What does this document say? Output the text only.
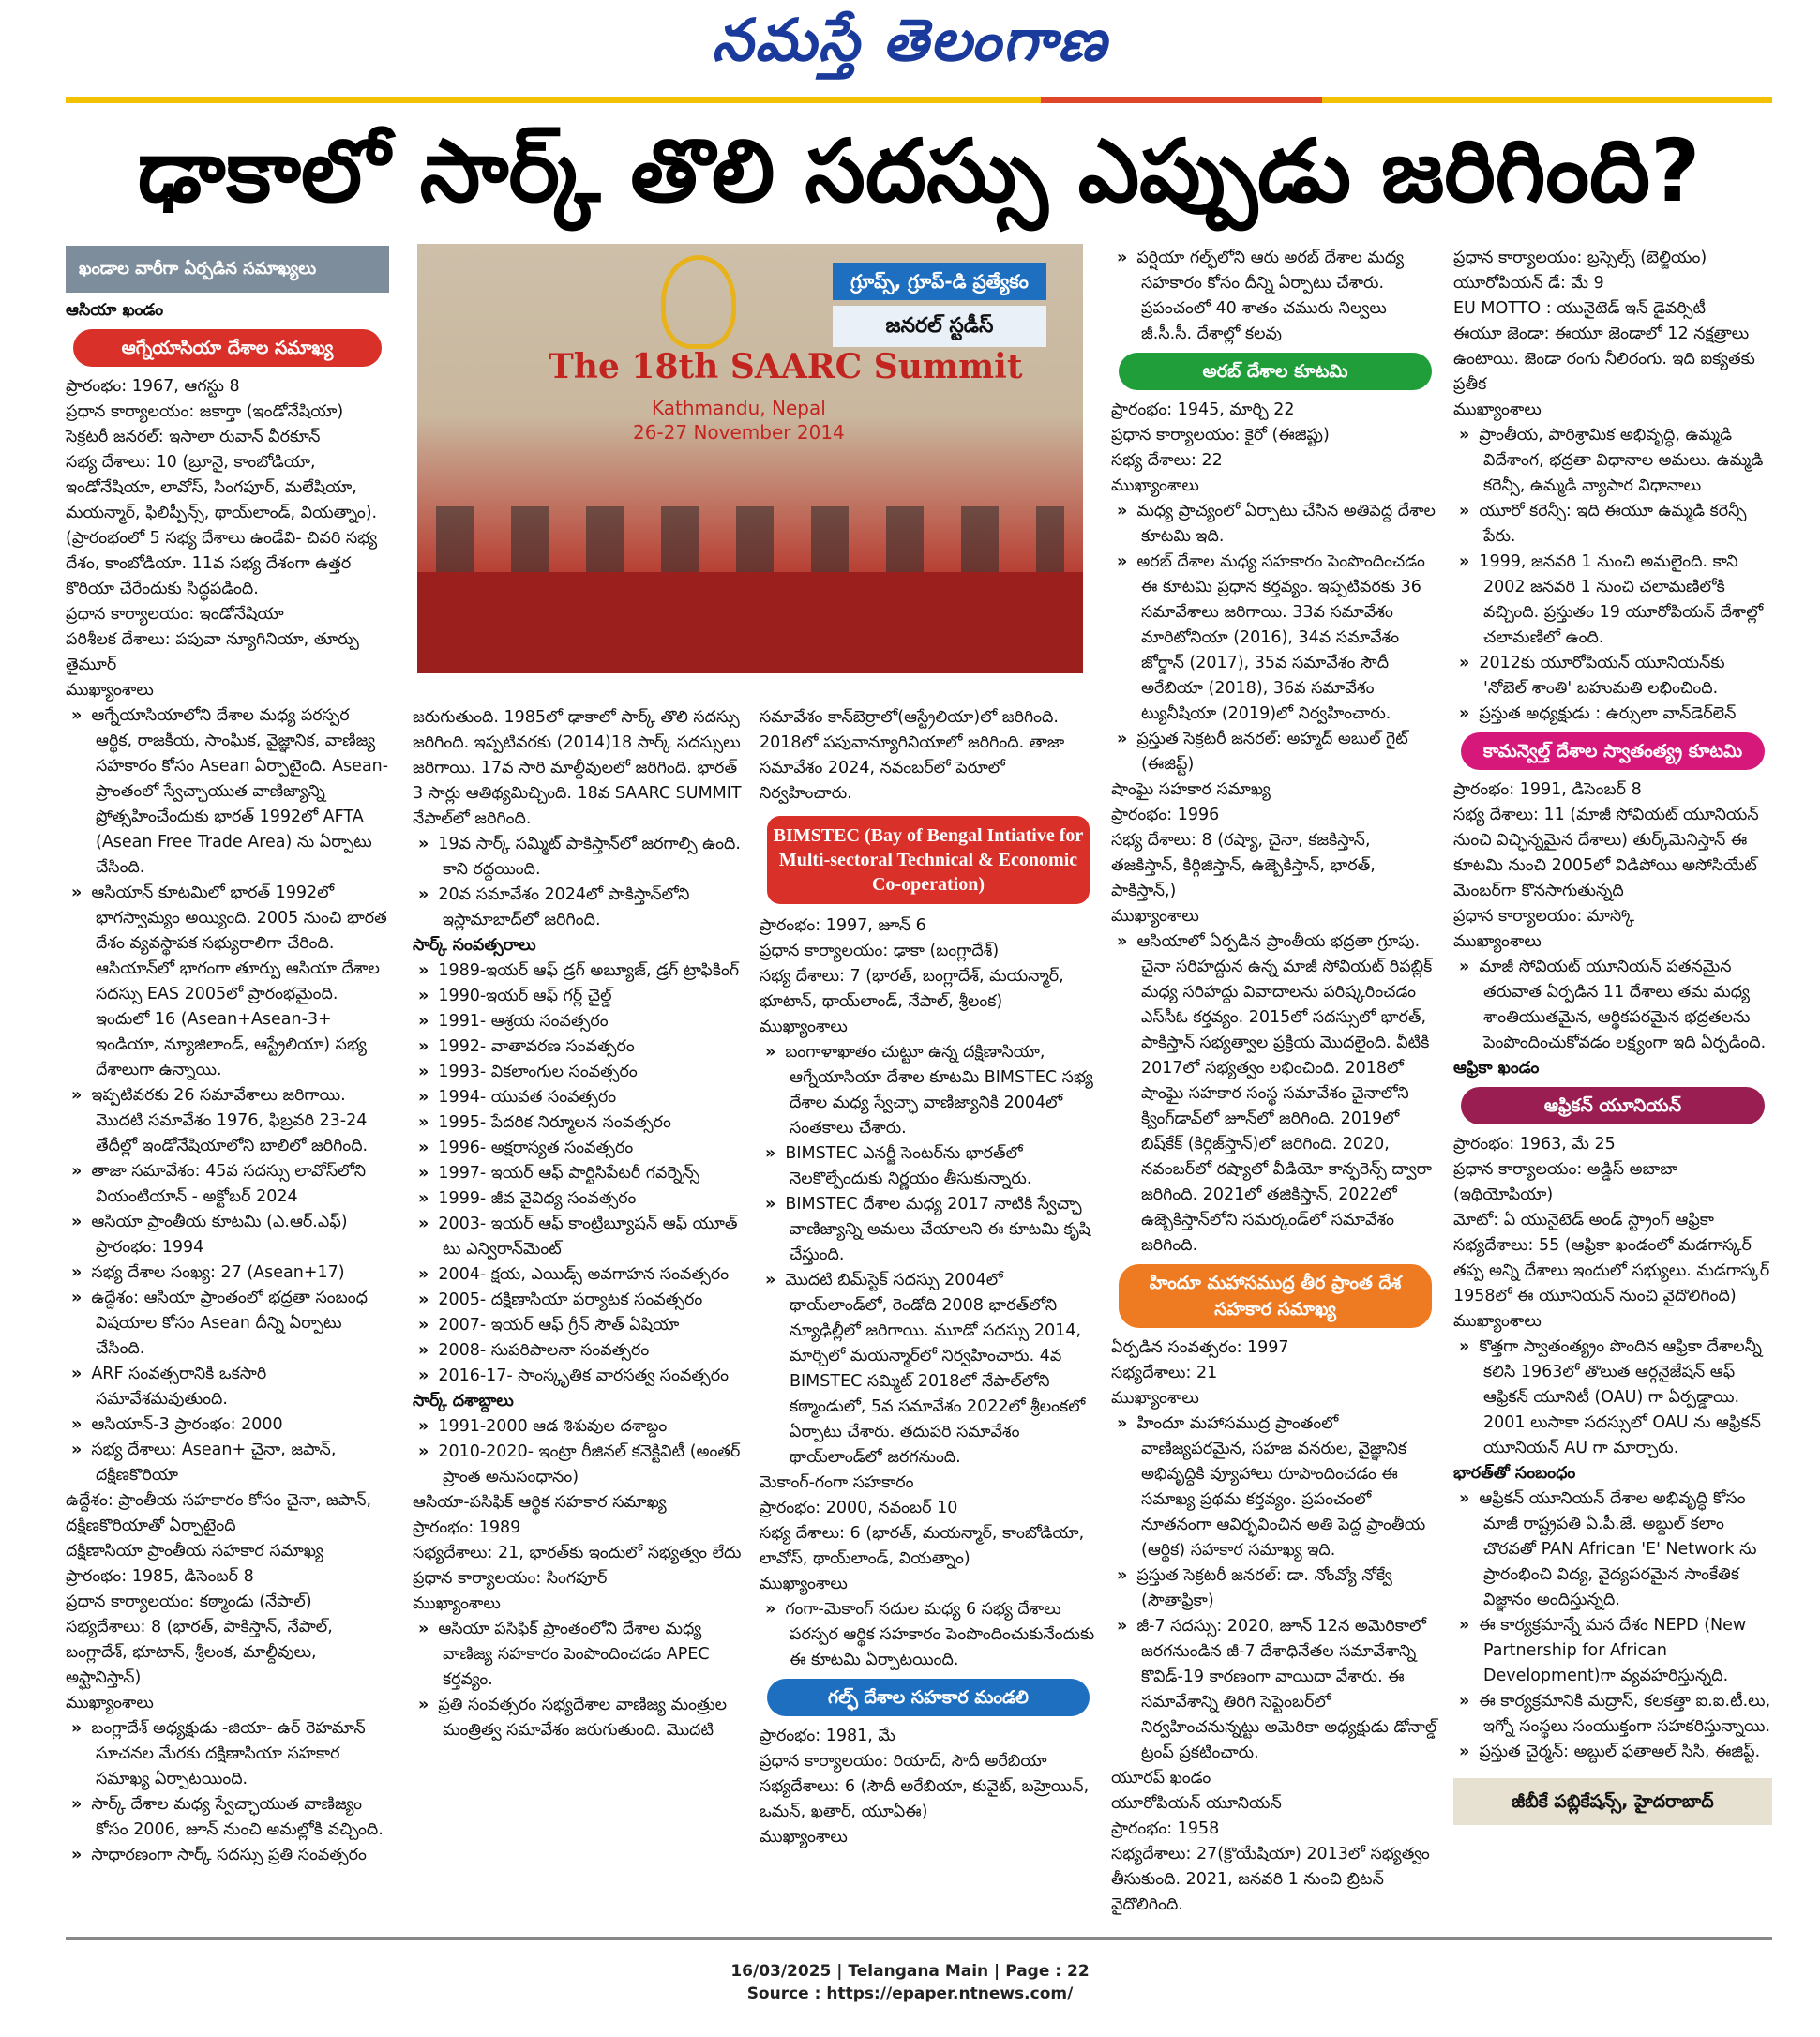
నమస్తే తెలంగాణ
ఢాకాలో సార్క్‌ తొలి సదస్సు ఎప్పుడు జరిగింది?
ఖండాల వారీగా ఏర్పడిన సమాఖ్యలు

ఆసియా ఖండం

ఆగ్నేయాసియా దేశాల సమాఖ్య

ప్రారంభం: 1967, ఆగస్టు 8

ప్రధాన కార్యాలయం: జకార్తా (ఇండోనేషియా)

సెక్రటరీ జనరల్‌: ఇసాలా రువాన్‌ వీరకూన్‌

సభ్య దేశాలు: 10 (బ్రూనై, కాంబోడియా, ఇండోనేషియా, లావోస్‌, సింగపూర్‌, మలేషియా, మయన్మార్‌, ఫిలిప్పీన్స్‌, థాయ్‌లాండ్‌, వియత్నాం). (ప్రారంభంలో 5 సభ్య దేశాలు ఉండేవి- చివరి సభ్య దేశం, కాంబోడియా. 11వ సభ్య దేశంగా ఉత్తర కొరియా చేరేందుకు సిద్ధపడింది.

ప్రధాన కార్యాలయం: ఇండోనేషియా

పరిశీలక దేశాలు: పపువా న్యూగినియా, తూర్పు తైమూర్‌

ముఖ్యాంశాలు

» ఆగ్నేయాసియాలోని దేశాల మధ్య పరస్పర ఆర్థిక, రాజకీయ, సాంఘిక, వైజ్ఞానిక, వాణిజ్య సహకారం కోసం Asean ఏర్పాటైంది. Asean- ప్రాంతంలో స్వేచ్ఛాయుత వాణిజ్యాన్ని ప్రోత్సహించేందుకు భారత్‌ 1992లో AFTA (Asean Free Trade Area) ను ఏర్పాటు చేసింది.

» ఆసియాన్‌ కూటమిలో భారత్‌ 1992లో భాగస్వామ్యం అయ్యింది. 2005 నుంచి భారత దేశం వ్యవస్థాపక సభ్యురాలిగా చేరింది. ఆసియాన్‌లో భాగంగా తూర్పు ఆసియా దేశాల సదస్సు EAS 2005లో ప్రారంభమైంది. ఇందులో 16 (Asean+Asean-3+ ఇండియా, న్యూజిలాండ్‌, ఆస్ట్రేలియా) సభ్య దేశాలుగా ఉన్నాయి.

» ఇప్పటివరకు 26 సమావేశాలు జరిగాయి. మొదటి సమావేశం 1976, ఫిబ్రవరి 23-24 తేదీల్లో ఇండోనేషియాలోని బాలిలో జరిగింది.

» తాజా సమావేశం: 45వ సదస్సు లావోస్‌లోని వియంటియాన్‌ - అక్టోబర్‌ 2024

» ఆసియా ప్రాంతీయ కూటమి (ఎ.ఆర్‌.ఎఫ్‌) ప్రారంభం: 1994

» సభ్య దేశాల సంఖ్య: 27 (Asean+17)

» ఉద్దేశం: ఆసియా ప్రాంతంలో భద్రతా సంబంధ విషయాల కోసం Asean దీన్ని ఏర్పాటు చేసింది.

» ARF సంవత్సరానికి ఒకసారి సమావేశమవుతుంది.

» ఆసియాన్‌-3 ప్రారంభం: 2000

» సభ్య దేశాలు: Asean+ చైనా, జపాన్‌, దక్షిణకొరియా

ఉద్దేశం: ప్రాంతీయ సహకారం కోసం చైనా, జపాన్‌, దక్షిణకొరియాతో ఏర్పాటైంది

దక్షిణాసియా ప్రాంతీయ సహకార సమాఖ్య

ప్రారంభం: 1985, డిసెంబర్‌ 8

ప్రధాన కార్యాలయం: కఠ్మాండు (నేపాల్‌)

సభ్యదేశాలు: 8 (భారత్‌, పాకిస్తాన్‌, నేపాల్‌, బంగ్లాదేశ్‌, భూటాన్‌, శ్రీలంక, మాల్దీవులు, అఫ్ఘానిస్తాన్‌)

ముఖ్యాంశాలు

» బంగ్లాదేశ్‌ అధ్యక్షుడు -జియా- ఉర్‌ రెహమాన్‌ సూచనల మేరకు దక్షిణాసియా సహకార సమాఖ్య ఏర్పాటయింది.

» సార్క్‌ దేశాల మధ్య స్వేచ్ఛాయుత వాణిజ్యం కోసం 2006, జూన్‌ నుంచి అమల్లోకి వచ్చింది.

» సాధారణంగా సార్క్‌ సదస్సు ప్రతి సంవత్సరం

The 18th SAARC Summit
Kathmandu, Nepal
26-27 November 2014
గ్రూప్స్‌, గ్రూప్‌-డి ప్రత్యేకం
జనరల్‌ స్టడీస్‌

జరుగుతుంది. 1985లో ఢాకాలో సార్క్‌ తొలి సదస్సు జరిగింది. ఇప్పటివరకు (2014)18 సార్క్‌ సదస్సులు జరిగాయి. 17వ సారి మాల్దీవులలో జరిగింది. భారత్‌ 3 సార్లు ఆతిథ్యమిచ్చింది. 18వ SAARC SUMMIT నేపాల్‌లో జరిగింది.

» 19వ సార్క్‌ సమ్మిట్‌ పాకిస్తాన్‌లో జరగాల్సి ఉంది. కాని రద్దయింది.

» 20వ సమావేశం 2024లో పాకిస్తాన్‌లోని ఇస్లామాబాద్‌లో జరిగింది.

సార్క్‌ సంవత్సరాలు

» 1989-ఇయర్‌ ఆఫ్‌ డ్రగ్‌ అబ్యూజ్‌, డ్రగ్‌ ట్రాఫికింగ్‌

» 1990-ఇయర్‌ ఆఫ్‌ గర్ల్‌ చైల్డ్‌

» 1991- ఆశ్రయ సంవత్సరం

» 1992- వాతావరణ సంవత్సరం

» 1993- వికలాంగుల సంవత్సరం

» 1994- యువత సంవత్సరం

» 1995- పేదరిక నిర్మూలన సంవత్సరం

» 1996- అక్షరాస్యత సంవత్సరం

» 1997- ఇయర్‌ ఆఫ్‌ పార్టిసిపేటరీ గవర్నెన్స్‌

» 1999- జీవ వైవిధ్య సంవత్సరం

» 2003- ఇయర్‌ ఆఫ్‌ కాంట్రిబ్యూషన్‌ ఆఫ్‌ యూత్‌ టు ఎన్విరాన్‌మెంట్‌

» 2004- క్షయ, ఎయిడ్స్‌ అవగాహన సంవత్సరం

» 2005- దక్షిణాసియా పర్యాటక సంవత్సరం

» 2007- ఇయర్‌ ఆఫ్‌ గ్రీన్‌ సౌత్‌ ఏషియా

» 2008- సుపరిపాలనా సంవత్సరం

» 2016-17- సాంస్కృతిక వారసత్వ సంవత్సరం

సార్క్‌ దశాబ్దాలు

» 1991-2000 ఆడ శిశువుల దశాబ్దం

» 2010-2020- ఇంట్రా రీజినల్‌ కనెక్టివిటీ (అంతర్‌ ప్రాంత అనుసంధానం)

ఆసియా-పసిఫిక్‌ ఆర్థిక సహకార సమాఖ్య

ప్రారంభం: 1989

సభ్యదేశాలు: 21, భారత్‌కు ఇందులో సభ్యత్వం లేదు

ప్రధాన కార్యాలయం: సింగపూర్‌

ముఖ్యాంశాలు

» ఆసియా పసిఫిక్‌ ప్రాంతంలోని దేశాల మధ్య వాణిజ్య సహకారం పెంపొందించడం APEC కర్తవ్యం.

» ప్రతి సంవత్సరం సభ్యదేశాల వాణిజ్య మంత్రుల మంత్రిత్వ సమావేశం జరుగుతుంది. మొదటి

సమావేశం కాన్‌బెర్రాలో(ఆస్ట్రేలియా)లో జరిగింది. 2018లో పపువాన్యూగినియాలో జరిగింది. తాజా సమావేశం 2024, నవంబర్‌లో పెరూలో నిర్వహించారు.

BIMSTEC (Bay of Bengal Intiative for Multi-sectoral Technical & Economic Co-operation)

ప్రారంభం: 1997, జూన్‌ 6

ప్రధాన కార్యాలయం: ఢాకా (బంగ్లాదేశ్‌)

సభ్య దేశాలు: 7 (భారత్‌, బంగ్లాదేశ్‌, మయన్మార్‌, భూటాన్‌, థాయ్‌లాండ్‌, నేపాల్‌, శ్రీలంక)

ముఖ్యాంశాలు

» బంగాళాఖాతం చుట్టూ ఉన్న దక్షిణాసియా, ఆగ్నేయాసియా దేశాల కూటమి BIMSTEC సభ్య దేశాల మధ్య స్వేచ్ఛా వాణిజ్యానికి 2004లో సంతకాలు చేశారు.

» BIMSTEC ఎనర్జీ సెంటర్‌ను భారత్‌లో నెలకొల్పేందుకు నిర్ణయం తీసుకున్నారు.

» BIMSTEC దేశాల మధ్య 2017 నాటికి స్వేచ్ఛా వాణిజ్యాన్ని అమలు చేయాలని ఈ కూటమి కృషి చేస్తుంది.

» మొదటి బిమ్‌స్టెక్‌ సదస్సు 2004లో థాయ్‌లాండ్‌లో, రెండోది 2008 భారత్‌లోని న్యూఢిల్లీలో జరిగాయి. మూడో సదస్సు 2014, మార్చిలో మయన్మార్‌లో నిర్వహించారు. 4వ BIMSTEC సమ్మిట్‌ 2018లో నేపాల్‌లోని కఠ్మాండులో, 5వ సమావేశం 2022లో శ్రీలంకలో ఏర్పాటు చేశారు. తదుపరి సమావేశం థాయ్‌లాండ్‌లో జరగనుంది.

మెకాంగ్‌-గంగా సహకారం

ప్రారంభం: 2000, నవంబర్‌ 10

సభ్య దేశాలు: 6 (భారత్‌, మయన్మార్‌, కాంబోడియా, లావోస్‌, థాయ్‌లాండ్‌, వియత్నాం)

ముఖ్యాంశాలు

» గంగా-మెకాంగ్‌ నదుల మధ్య 6 సభ్య దేశాలు పరస్పర ఆర్థిక సహకారం పెంపొందించుకునేందుకు ఈ కూటమి ఏర్పాటయింది.

గల్ఫ్‌ దేశాల సహకార మండలి

ప్రారంభం: 1981, మే

ప్రధాన కార్యాలయం: రియాద్‌, సౌదీ అరేబియా

సభ్యదేశాలు: 6 (సౌదీ అరేబియా, కువైట్‌, బహ్రెయిన్‌, ఒమన్‌, ఖతార్‌, యూఏఈ)

ముఖ్యాంశాలు

» పర్షియా గల్ఫ్‌లోని ఆరు అరబ్‌ దేశాల మధ్య సహకారం కోసం దీన్ని ఏర్పాటు చేశారు. ప్రపంచంలో 40 శాతం చమురు నిల్వలు జీ.సీ.సీ. దేశాల్లో కలవు

అరబ్‌ దేశాల కూటమి

ప్రారంభం: 1945, మార్చి 22

ప్రధాన కార్యాలయం: కైరో (ఈజిప్టు)

సభ్య దేశాలు: 22

ముఖ్యాంశాలు

» మధ్య ప్రాచ్యంలో ఏర్పాటు చేసిన అతిపెద్ద దేశాల కూటమి ఇది.

» అరబ్‌ దేశాల మధ్య సహకారం పెంపొందించడం ఈ కూటమి ప్రధాన కర్తవ్యం. ఇప్పటివరకు 36 సమావేశాలు జరిగాయి. 33వ సమావేశం మారిటోనియా (2016), 34వ సమావేశం జోర్డాన్‌ (2017), 35వ సమావేశం సౌదీ అరేబియా (2018), 36వ సమావేశం ట్యునీషియా (2019)లో నిర్వహించారు.

» ప్రస్తుత సెక్రటరీ జనరల్‌: అహ్మద్‌ అబుల్‌ గైట్‌ (ఈజిప్ట్‌)

షాంఘై సహకార సమాఖ్య

ప్రారంభం: 1996

సభ్య దేశాలు: 8 (రష్యా, చైనా, కజకిస్తాన్‌, తజకిస్తాన్‌, కిర్గిజిస్తాన్‌, ఉజ్బెకిస్తాన్‌, భారత్‌, పాకిస్తాన్‌,)

ముఖ్యాంశాలు

» ఆసియాలో ఏర్పడిన ప్రాంతీయ భద్రతా గ్రూపు. చైనా సరిహద్దున ఉన్న మాజీ సోవియట్‌ రిపబ్లిక్‌ మధ్య సరిహద్దు వివాదాలను పరిష్కరించడం ఎస్‌సీఓ కర్తవ్యం. 2015లో సదస్సులో భారత్‌, పాకిస్తాన్‌ సభ్యత్వాల ప్రక్రియ మొదలైంది. వీటికి 2017లో సభ్యత్వం లభించింది. 2018లో షాంఘై సహకార సంస్థ సమావేశం చైనాలోని క్వింగ్‌డావ్‌లో జూన్‌లో జరిగింది. 2019లో బిష్‌కేక్‌ (కిర్గిజ్‌స్తాన్‌)లో జరిగింది. 2020, నవంబర్‌లో రష్యాలో వీడియో కాన్ఫరెన్స్‌ ద్వారా జరిగింది. 2021లో తజికిస్తాన్‌, 2022లో ఉజ్బెకిస్తాన్‌లోని సమర్కండ్‌లో సమావేశం జరిగింది.

హిందూ మహాసముద్ర తీర ప్రాంత దేశ సహకార సమాఖ్య

ఏర్పడిన సంవత్సరం: 1997

సభ్యదేశాలు: 21

ముఖ్యాంశాలు

» హిందూ మహాసముద్ర ప్రాంతంలో వాణిజ్యపరమైన, సహజ వనరుల, వైజ్ఞానిక అభివృద్ధికి వ్యూహాలు రూపొందించడం ఈ సమాఖ్య ప్రథమ కర్తవ్యం. ప్రపంచంలో నూతనంగా ఆవిర్భవించిన అతి పెద్ద ప్రాంతీయ (ఆర్థిక) సహకార సమాఖ్య ఇది.

» ప్రస్తుత సెక్రటరీ జనరల్‌: డా. నోంవ్యో నోక్వే (సౌతాఫ్రికా)

» జీ-7 సదస్సు: 2020, జూన్‌ 12న అమెరికాలో జరగనుండిన జీ-7 దేశాధినేతల సమావేశాన్ని కొవిడ్‌-19 కారణంగా వాయిదా వేశారు. ఈ సమావేశాన్ని తిరిగి సెప్టెంబర్‌లో నిర్వహించనున్నట్టు అమెరికా అధ్యక్షుడు డోనాల్డ్‌ ట్రంప్‌ ప్రకటించారు.

యూరప్‌ ఖండం

యూరోపియన్‌ యూనియన్‌

ప్రారంభం: 1958

సభ్యదేశాలు: 27(క్రొయేషియా) 2013లో సభ్యత్వం తీసుకుంది. 2021, జనవరి 1 నుంచి బ్రిటన్‌ వైదొలిగింది.

ప్రధాన కార్యాలయం: బ్రస్సెల్స్‌ (బెల్జియం)

యూరోపియన్‌ డే: మే 9

EU MOTTO : యునైటెడ్‌ ఇన్‌ డైవర్సిటీ

ఈయూ జెండా: ఈయూ జెండాలో 12 నక్షత్రాలు ఉంటాయి. జెండా రంగు నీలిరంగు. ఇది ఐక్యతకు ప్రతీక

ముఖ్యాంశాలు

» ప్రాంతీయ, పారిశ్రామిక అభివృద్ధి, ఉమ్మడి విదేశాంగ, భద్రతా విధానాల అమలు. ఉమ్మడి కరెన్సీ, ఉమ్మడి వ్యాపార విధానాలు

» యూరో కరెన్సీ: ఇది ఈయూ ఉమ్మడి కరెన్సీ పేరు.

» 1999, జనవరి 1 నుంచి అమలైంది. కాని 2002 జనవరి 1 నుంచి చలామణిలోకి వచ్చింది. ప్రస్తుతం 19 యూరోపియన్‌ దేశాల్లో చలామణిలో ఉంది.

» 2012కు యూరోపియన్‌ యూనియన్‌కు 'నోబెల్‌ శాంతి' బహుమతి లభించింది.

» ప్రస్తుత అధ్యక్షుడు : ఉర్సులా వాన్‌డెర్‌లెన్‌

కామన్వెల్త్‌ దేశాల స్వాతంత్య్ర కూటమి

ప్రారంభం: 1991, డిసెంబర్‌ 8

సభ్య దేశాలు: 11 (మాజీ సోవియట్‌ యూనియన్‌ నుంచి విచ్ఛిన్నమైన దేశాలు) తుర్క్‌మెనిస్తాన్‌ ఈ కూటమి నుంచి 2005లో విడిపోయి అసోసియేట్‌ మెంబర్‌గా కొనసాగుతున్నది

ప్రధాన కార్యాలయం: మాస్కో

ముఖ్యాంశాలు

» మాజీ సోవియట్‌ యూనియన్‌ పతనమైన తరువాత ఏర్పడిన 11 దేశాలు తమ మధ్య శాంతియుతమైన, ఆర్థికపరమైన భద్రతలను పెంపొందించుకోవడం లక్ష్యంగా ఇది ఏర్పడింది.

ఆఫ్రికా ఖండం

ఆఫ్రికన్‌ యూనియన్‌

ప్రారంభం: 1963, మే 25

ప్రధాన కార్యాలయం: అడ్డిస్‌ అబాబా (ఇథియోపియా)

మోటో: ఏ యునైటెడ్‌ అండ్‌ స్ట్రాంగ్‌ ఆఫ్రికా

సభ్యదేశాలు: 55 (ఆఫ్రికా ఖండంలో మడగాస్కర్‌ తప్ప అన్ని దేశాలు ఇందులో సభ్యులు. మడగాస్కర్‌ 1958లో ఈ యూనియన్‌ నుంచి వైదొలిగింది)

ముఖ్యాంశాలు

» కొత్తగా స్వాతంత్య్రం పొందిన ఆఫ్రికా దేశాలన్నీ కలిసి 1963లో తొలుత ఆర్గనైజేషన్‌ ఆఫ్‌ ఆఫ్రికన్‌ యూనిటీ (OAU) గా ఏర్పడ్డాయి. 2001 లుసాకా సదస్సులో OAU ను ఆఫ్రికన్‌ యూనియన్‌ AU గా మార్చారు.

భారత్‌తో సంబంధం

» ఆఫ్రికన్‌ యూనియన్‌ దేశాల అభివృద్ధి కోసం మాజీ రాష్ట్రపతి ఏ.పీ.జే. అబ్దుల్‌ కలాం చొరవతో PAN African 'E' Network ను ప్రారంభించి విద్య, వైద్యపరమైన సాంకేతిక విజ్ఞానం అందిస్తున్నది.

» ఈ కార్యక్రమాన్నే మన దేశం NEPD (New Partnership for African Development)గా వ్యవహరిస్తున్నది.

» ఈ కార్యక్రమానికి మద్రాస్‌, కలకత్తా ఐ.ఐ.టీ.లు, ఇగ్నో సంస్థలు సంయుక్తంగా సహకరిస్తున్నాయి.

» ప్రస్తుత చైర్మన్‌: అబ్దుల్‌ ఫతాఅల్‌ సిసి, ఈజిప్ట్‌.

జీబీకే పబ్లికేషన్స్‌, హైదరాబాద్‌
16/03/2025 | Telangana Main | Page : 22
Source : https://epaper.ntnews.com/
